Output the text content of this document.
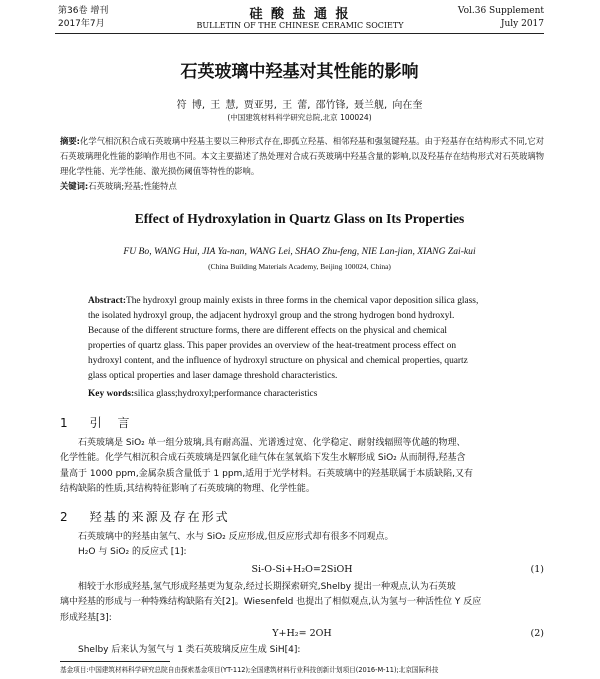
第36卷 增刊
2017年7月
硅 酸 盐 通 报
BULLETIN OF THE CHINESE CERAMIC SOCIETY
Vol.36 Supplement
July 2017
石英玻璃中羟基对其性能的影响
符 博, 王 慧, 贾亚男, 王 蕾, 邵竹锋, 聂兰舰, 向在奎
(中国建筑材料科学研究总院,北京 100024)
摘要:化学气相沉积合成石英玻璃中羟基主要以三种形式存在,即孤立羟基、相邻羟基和强氢键羟基。由于羟基存在结构形式不同,它对石英玻璃理化性能的影响作用也不同。本文主要描述了热处理对合成石英玻璃中羟基含量的影响,以及羟基存在结构形式对石英玻璃物理化学性能、光学性能、激光损伤阈值等特性的影响。
关键词:石英玻璃;羟基;性能特点
Effect of Hydroxylation in Quartz Glass on Its Properties
FU Bo, WANG Hui, JIA Ya-nan, WANG Lei, SHAO Zhu-feng, NIE Lan-jian, XIANG Zai-kui
(China Building Materials Academy, Beijing 100024, China)
Abstract:The hydroxyl group mainly exists in three forms in the chemical vapor deposition silica glass,
the isolated hydroxyl group, the adjacent hydroxyl group and the strong hydrogen bond hydroxyl.
Because of the different structure forms, there are different effects on the physical and chemical
properties of quartz glass. This paper provides an overview of the heat-treatment process effect on
hydroxyl content, and the influence of hydroxyl structure on physical and chemical properties, quartz
glass optical properties and laser damage threshold characteristics.
Key words:silica glass;hydroxyl;performance characteristics
1 引 言
石英玻璃是 SiO₂ 单一组分玻璃,具有耐高温、光谱透过宽、化学稳定、耐射线辐照等优越的物理、
化学性能。化学气相沉积合成石英玻璃是四氯化硅气体在氢氧焰下发生水解形成 SiO₂ 从而制得,羟基含
量高于 1000 ppm,金属杂质含量低于 1 ppm,适用于光学材料。石英玻璃中的羟基联属于本质缺陷,又有
结构缺陷的性质,其结构特征影响了石英玻璃的物理、化学性能。
2 羟基的来源及存在形式
石英玻璃中的羟基由氢气、水与 SiO₂ 反应形成,但反应形式却有很多不同观点。
H₂O 与 SiO₂ 的反应式 [1]:
Si-O-Si+H₂O=2SiOH	(1)
相较于水形成羟基,氢气形成羟基更为复杂,经过长期探索研究,Shelby 提出一种观点,认为石英玻
璃中羟基的形成与一种特殊结构缺陷有关[2]。Wiesenfeld 也提出了相似观点,认为氢与一种活性位 Y 反应
形成羟基[3]:
Y+H₂= 2OH	(2)
Shelby 后来认为氢气与 1 类石英玻璃反应生成 SiH[4]:
基金项目:中国建筑材料科学研究总院自由探索基金项目(YT-112);全国建筑材料行业科技创新计划项目(2016-M-11);北京国际科技
